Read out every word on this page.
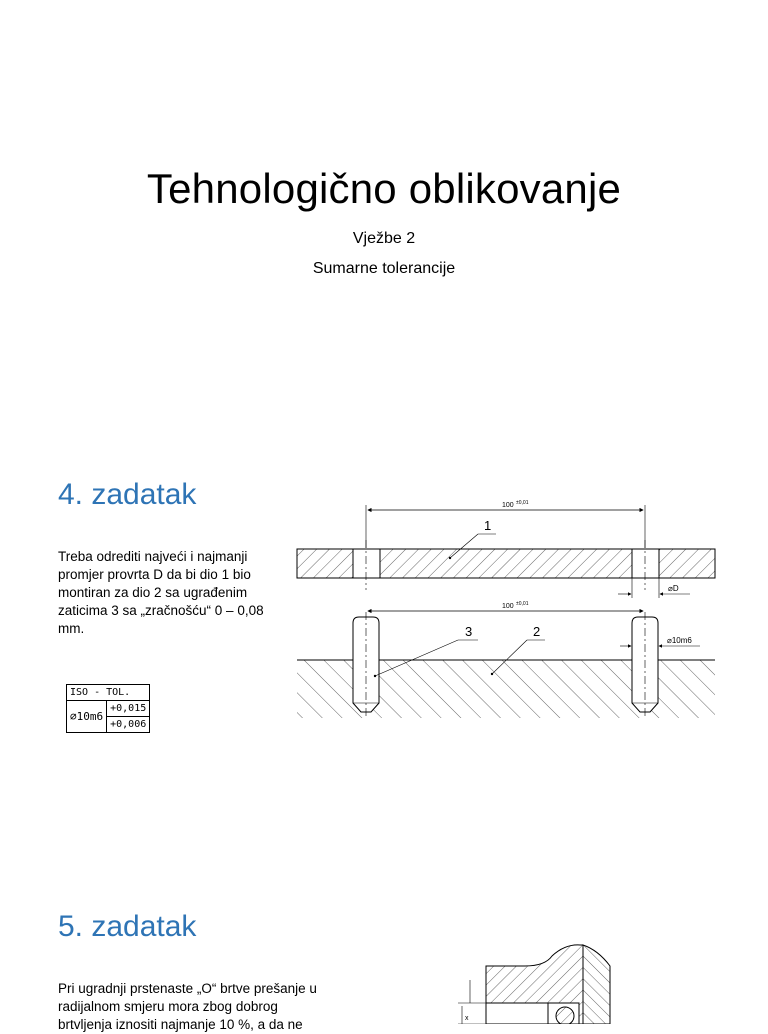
Tehnologično oblikovanje
Vježbe 2
Sumarne tolerancije
4. zadatak
Treba odrediti najveći i najmanji promjer provrta D da bi dio 1 bio montiran za dio 2 sa ugrađenim zaticima 3 sa „zračnošću“ 0 – 0,08 mm.
ISO - TOL.
∅10m6	+0,015
+0,006
100 ±0,01
1
⌀D
100 ±0,01
3	2
⌀10m6
5. zadatak
Pri ugradnji prstenaste „O“ brtve prešanje u radijalnom smjeru mora zbog dobrog brtvljenja iznositi najmanje 10 %, a da ne	x
